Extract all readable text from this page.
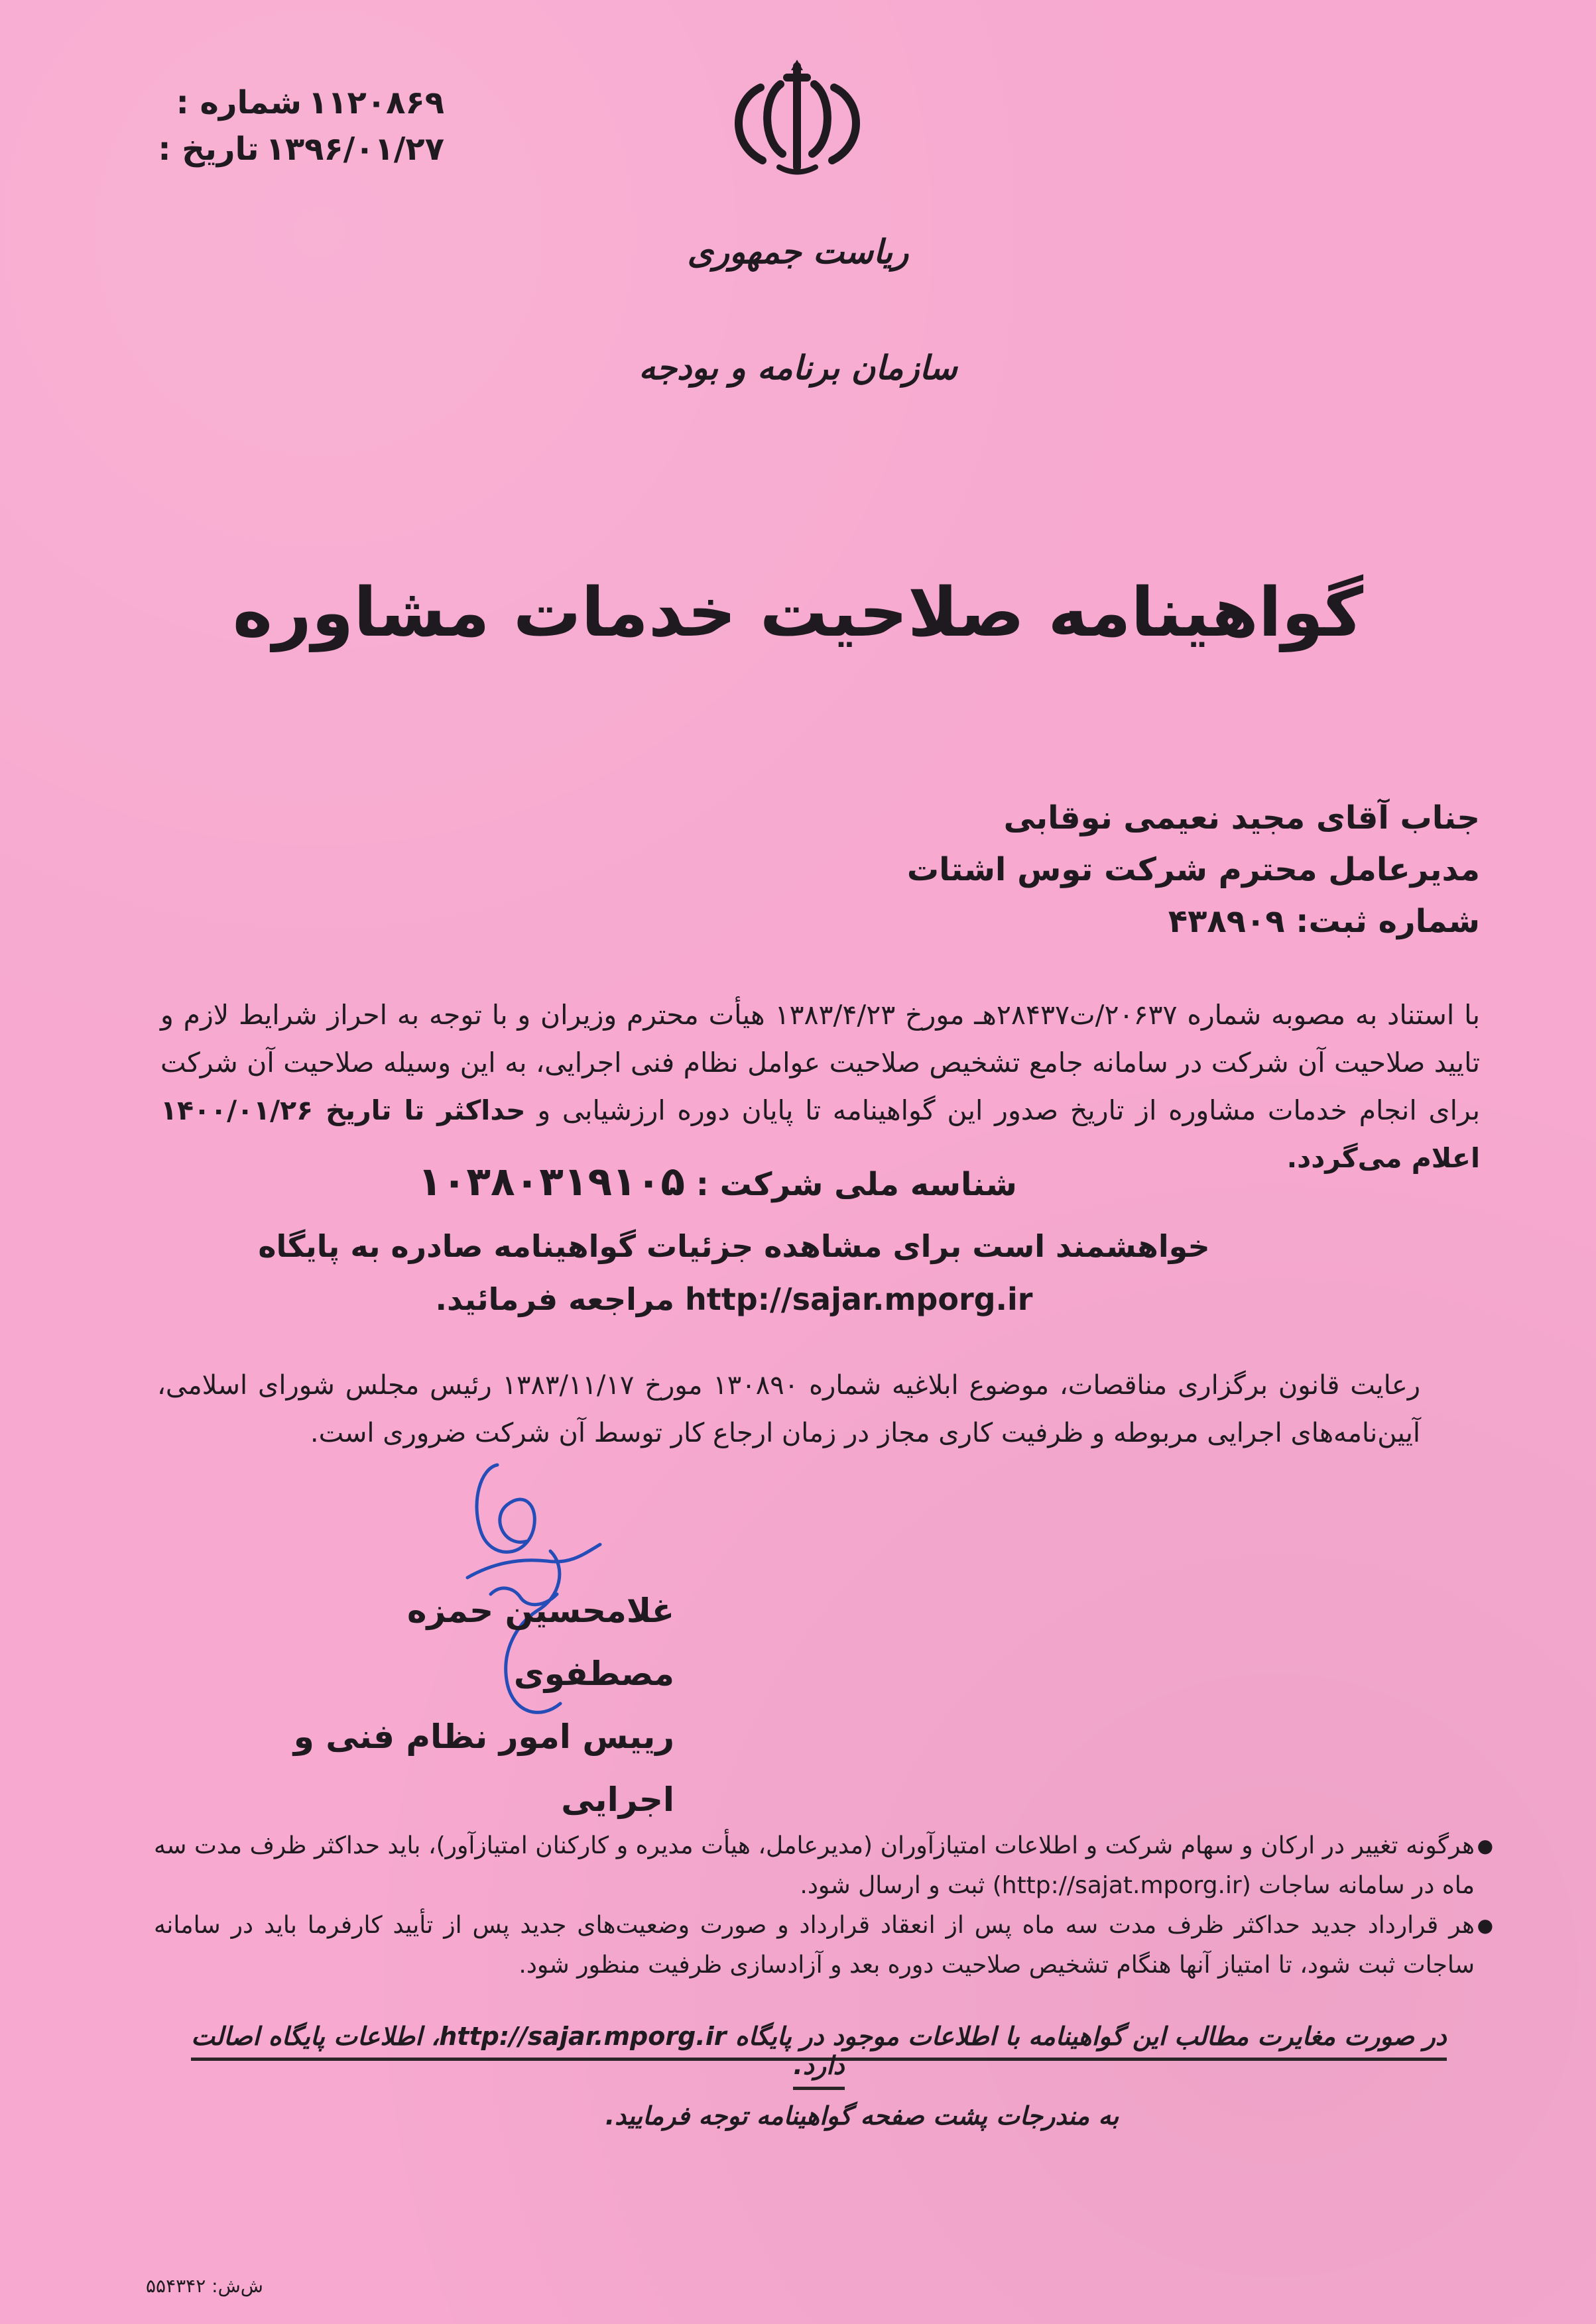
۱۱۲۰۸۶۹
شماره :
۱۳۹۶/۰۱/۲۷
تاریخ :
ریاست جمهوری
سازمان برنامه و بودجه
گواهینامه صلاحیت خدمات مشاوره
جناب آقای مجید نعیمی نوقابی
مدیرعامل محترم شرکت توس اشتات
شماره ثبت: ۴۳۸۹۰۹
با استناد به مصوبه شماره ۲۰۶۳۷/ت۲۸۴۳۷هـ مورخ ۱۳۸۳/۴/۲۳ هیأت محترم وزیران و با توجه به احراز شرایط لازم و تایید صلاحیت آن شرکت در سامانه جامع تشخیص صلاحیت عوامل نظام فنی اجرایی، به این وسیله صلاحیت آن شرکت برای انجام خدمات مشاوره از تاریخ صدور این گواهینامه تا پایان دوره ارزشیابی و حداکثر تا تاریخ ۱۴۰۰/۰۱/۲۶ اعلام می‌گردد.
شناسه ملی شرکت : ۱۰۳۸۰۳۱۹۱۰۵
خواهشمند است برای مشاهده جزئیات گواهینامه صادره به پایگاه
http://sajar.mporg.ir مراجعه فرمائید.
رعایت قانون برگزاری مناقصات، موضوع ابلاغیه شماره ۱۳۰۸۹۰ مورخ ۱۳۸۳/۱۱/۱۷ رئیس مجلس شورای اسلامی، آیین‌نامه‌های اجرایی مربوطه و ظرفیت کاری مجاز در زمان ارجاع کار توسط آن شرکت ضروری است.
غلامحسین حمزه مصطفوی
رییس امور نظام فنی و اجرایی
● هرگونه تغییر در ارکان و سهام شرکت و اطلاعات امتیازآوران (مدیرعامل، هیأت مدیره و کارکنان امتیازآور)، باید حداکثر ظرف مدت سه ماه در سامانه ساجات (http://sajat.mporg.ir) ثبت و ارسال شود.
● هر قرارداد جدید حداکثر ظرف مدت سه ماه پس از انعقاد قرارداد و صورت وضعیت‌های جدید پس از تأیید کارفرما باید در سامانه ساجات ثبت شود، تا امتیاز آنها هنگام تشخیص صلاحیت دوره بعد و آزادسازی ظرفیت منظور شود.
در صورت مغایرت مطالب این گواهینامه با اطلاعات موجود در پایگاه http://sajar.mporg.ir، اطلاعات پایگاه اصالت دارد.
به مندرجات پشت صفحه گواهینامه توجه فرمایید.
ش‌ش: ۵۵۴۳۴۲
